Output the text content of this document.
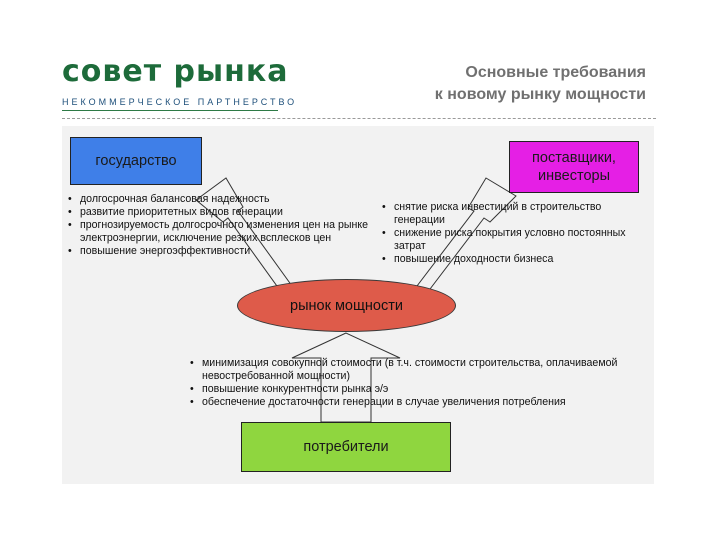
совет рынка
НЕКОММЕРЧЕСКОЕ ПАРТНЕРСТВО
Основные требования
к новому рынку мощности
государство	поставщики, инвесторы
потребители
рынок мощности
• долгосрочная балансовая надежность
• развитие приоритетных видов генерации
• прогнозируемость долгосрочного изменения цен на рынке электроэнергии, исключение резких всплесков цен
• повышение энергоэффективности
• снятие риска инвестиций в строительство генерации
• снижение риска покрытия условно постоянных затрат
• повышение доходности бизнеса
• минимизация совокупной стоимости (в т.ч. стоимости строительства, оплачиваемой невостребованной мощности)
• повышение конкурентности рынка э/э
• обеспечение достаточности генерации в случае увеличения потребления
